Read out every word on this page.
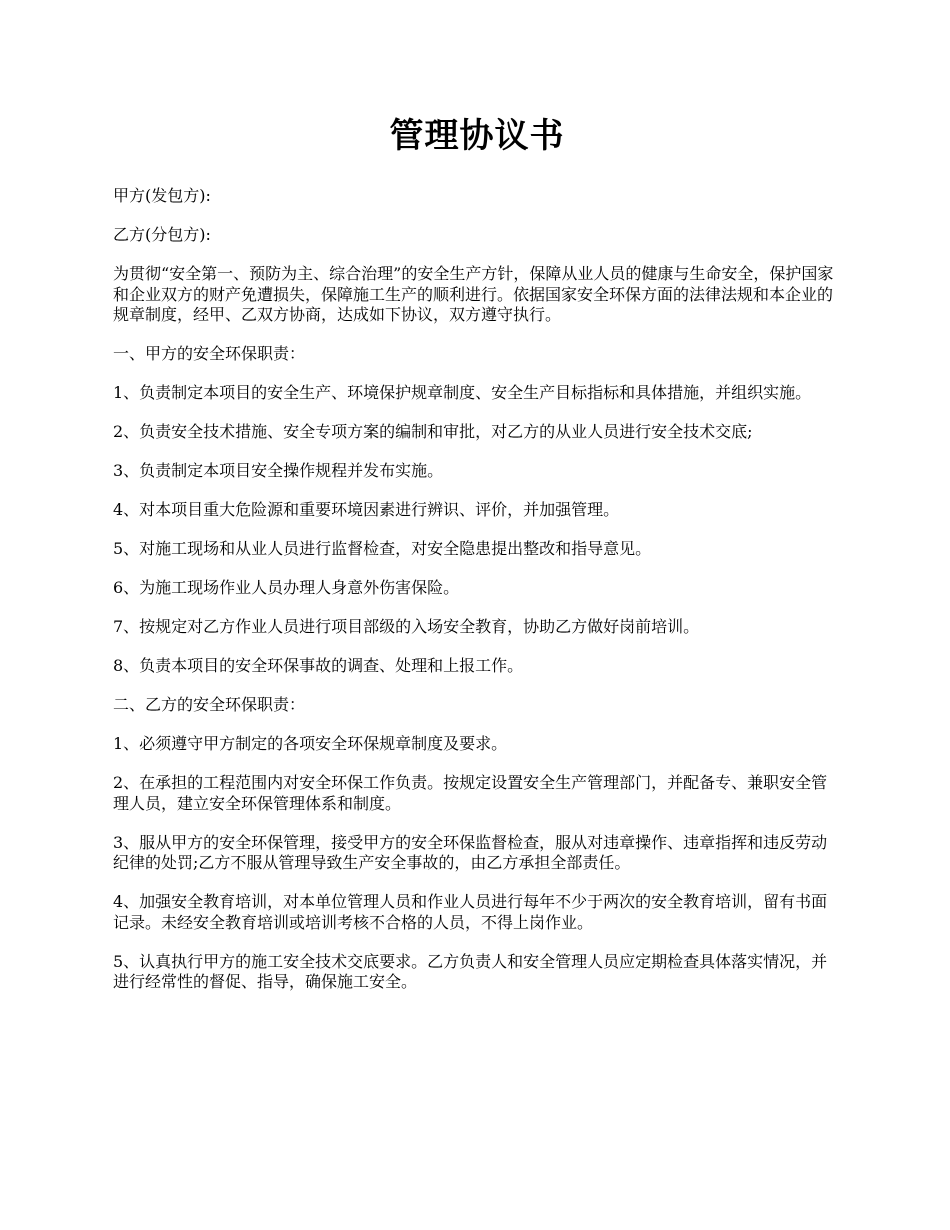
管理协议书

甲方(发包方):

乙方(分包方):

为贯彻“安全第一、预防为主、综合治理”的安全生产方针，保障从业人员的健康与生命安全，保护国家和企业双方的财产免遭损失，保障施工生产的顺利进行。依据国家安全环保方面的法律法规和本企业的规章制度，经甲、乙双方协商，达成如下协议，双方遵守执行。

一、甲方的安全环保职责：

1、负责制定本项目的安全生产、环境保护规章制度、安全生产目标指标和具体措施，并组织实施。

2、负责安全技术措施、安全专项方案的编制和审批，对乙方的从业人员进行安全技术交底;

3、负责制定本项目安全操作规程并发布实施。

4、对本项目重大危险源和重要环境因素进行辨识、评价，并加强管理。

5、对施工现场和从业人员进行监督检查，对安全隐患提出整改和指导意见。

6、为施工现场作业人员办理人身意外伤害保险。

7、按规定对乙方作业人员进行项目部级的入场安全教育，协助乙方做好岗前培训。

8、负责本项目的安全环保事故的调查、处理和上报工作。

二、乙方的安全环保职责：

1、必须遵守甲方制定的各项安全环保规章制度及要求。

2、在承担的工程范围内对安全环保工作负责。按规定设置安全生产管理部门，并配备专、兼职安全管理人员，建立安全环保管理体系和制度。

3、服从甲方的安全环保管理，接受甲方的安全环保监督检查，服从对违章操作、违章指挥和违反劳动纪律的处罚;乙方不服从管理导致生产安全事故的，由乙方承担全部责任。

4、加强安全教育培训，对本单位管理人员和作业人员进行每年不少于两次的安全教育培训，留有书面记录。未经安全教育培训或培训考核不合格的人员，不得上岗作业。

5、认真执行甲方的施工安全技术交底要求。乙方负责人和安全管理人员应定期检查具体落实情况，并进行经常性的督促、指导，确保施工安全。
